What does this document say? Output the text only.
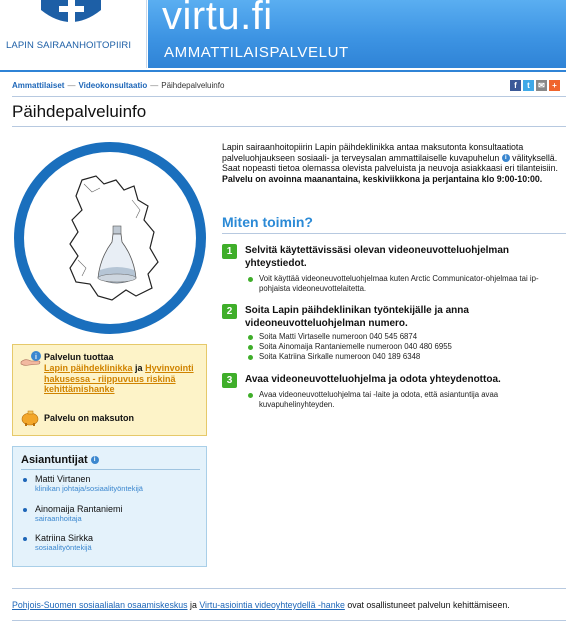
LAPIN SAIRAANHOITOPIIRI
virtu.fi
AMMATTILAISPALVELUT
Ammattilaiset — Videokonsultaatio — Päihdepalveluinfo	f	t	✉ +
Päihdepalveluinfo
i Palvelun tuottaa
Lapin päihdeklinikka ja Hyvinvointi hakusessa - riippuvuus riskinä kehittämishanke
Palvelu on maksuton
Asiantuntijat i
Matti Virtanen
klinikan johtaja/sosiaalityöntekijä
Ainomaija Rantaniemi
sairaanhoitaja
Katriina Sirkka
sosiaalityöntekijä
Lapin sairaanhoitopiirin Lapin päihdeklinikka antaa maksutonta konsultaatiota palveluohjaukseen sosiaali- ja terveysalan ammattilaiselle kuvapuhelun i välityksellä. Saat nopeasti tietoa olemassa olevista palveluista ja neuvoja asiakkaasi eri tilanteisiin. Palvelu on avoinna maanantaina, keskiviikkona ja perjantaina klo 9:00-10:00.
Miten toimin?
1	Selvitä käytettävissäsi olevan videoneuvotteluohjelman yhteystiedot.
Voit käyttää videoneuvotteluohjelmaa kuten Arctic Communicator-ohjelmaa tai ip-pohjaista videoneuvottelaitetta.
2	Soita Lapin päihdeklinikan työntekijälle ja anna videoneuvotteluohjelman numero.
Soita Matti Virtaselle numeroon 040 545 6874
Soita Ainomaija Rantaniemelle numeroon 040 480 6955
Soita Katriina Sirkalle numeroon 040 189 6348
3	Avaa videoneuvotteluohjelma ja odota yhteydenottoa.
Avaa videoneuvotteluohjelma tai -laite ja odota, että asiantuntija avaa kuvapuhelinyhteyden.
Pohjois-Suomen sosiaalialan osaamiskeskus ja Virtu-asiointia videoyhteydellä -hanke ovat osallistuneet palvelun kehittämiseen.
